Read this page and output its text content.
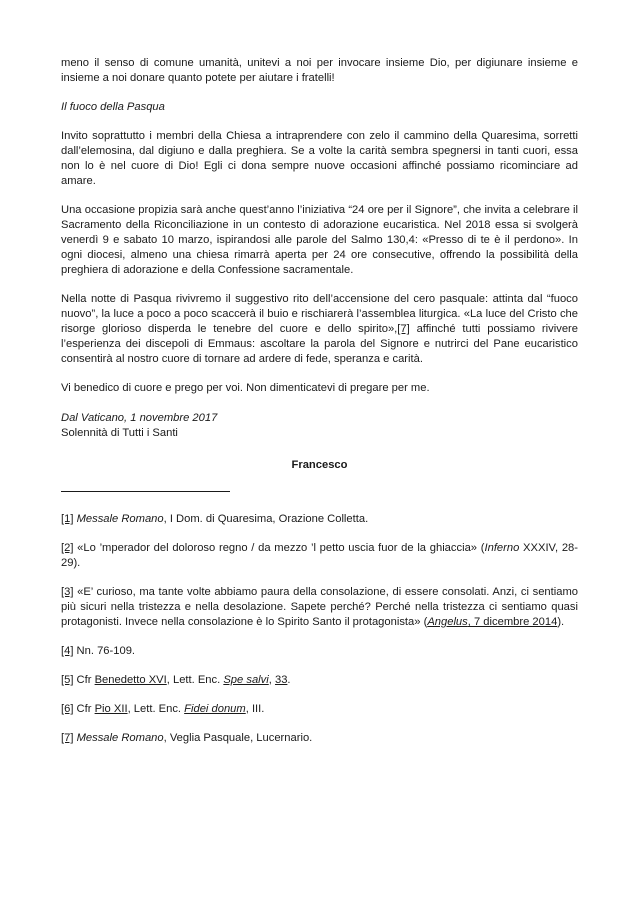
meno il senso di comune umanità, unitevi a noi per invocare insieme Dio, per digiunare insieme e insieme a noi donare quanto potete per aiutare i fratelli!

Il fuoco della Pasqua

Invito soprattutto i membri della Chiesa a intraprendere con zelo il cammino della Quaresima, sorretti dall’elemosina, dal digiuno e dalla preghiera. Se a volte la carità sembra spegnersi in tanti cuori, essa non lo è nel cuore di Dio! Egli ci dona sempre nuove occasioni affinché possiamo ricominciare ad amare.

Una occasione propizia sarà anche quest’anno l’iniziativa “24 ore per il Signore”, che invita a celebrare il Sacramento della Riconciliazione in un contesto di adorazione eucaristica. Nel 2018 essa si svolgerà venerdì 9 e sabato 10 marzo, ispirandosi alle parole del Salmo 130,4: «Presso di te è il perdono». In ogni diocesi, almeno una chiesa rimarrà aperta per 24 ore consecutive, offrendo la possibilità della preghiera di adorazione e della Confessione sacramentale.

Nella notte di Pasqua rivivremo il suggestivo rito dell’accensione del cero pasquale: attinta dal “fuoco nuovo”, la luce a poco a poco scaccerà il buio e rischiarerà l’assemblea liturgica. «La luce del Cristo che risorge glorioso disperda le tenebre del cuore e dello spirito»,[7] affinché tutti possiamo rivivere l’esperienza dei discepoli di Emmaus: ascoltare la parola del Signore e nutrirci del Pane eucaristico consentirà al nostro cuore di tornare ad ardere di fede, speranza e carità.

Vi benedico di cuore e prego per voi. Non dimenticatevi di pregare per me.

Dal Vaticano, 1 novembre 2017
Solennità di Tutti i Santi
Francesco

[1] Messale Romano, I Dom. di Quaresima, Orazione Colletta.

[2] «Lo ’mperador del doloroso regno / da mezzo ’l petto uscia fuor de la ghiaccia» (Inferno XXXIV, 28-29).

[3] «E’ curioso, ma tante volte abbiamo paura della consolazione, di essere consolati. Anzi, ci sentiamo più sicuri nella tristezza e nella desolazione. Sapete perché? Perché nella tristezza ci sentiamo quasi protagonisti. Invece nella consolazione è lo Spirito Santo il protagonista» (Angelus, 7 dicembre 2014).

[4] Nn. 76-109.

[5] Cfr Benedetto XVI, Lett. Enc. Spe salvi, 33.

[6] Cfr Pio XII, Lett. Enc. Fidei donum, III.

[7] Messale Romano, Veglia Pasquale, Lucernario.
